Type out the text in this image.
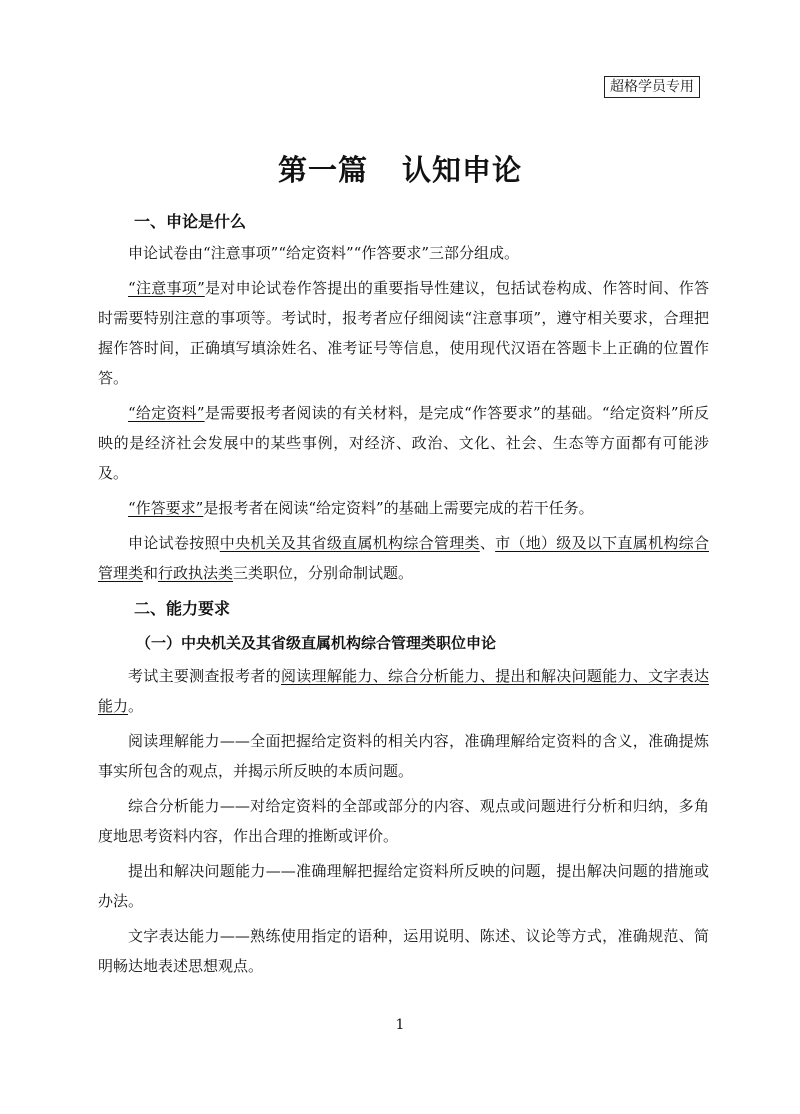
超格学员专用
第一篇 认知申论
一、申论是什么

申论试卷由“注意事项”“给定资料”“作答要求”三部分组成。

“注意事项”是对申论试卷作答提出的重要指导性建议，包括试卷构成、作答时间、作答时需要特别注意的事项等。考试时，报考者应仔细阅读“注意事项”，遵守相关要求，合理把握作答时间，正确填写填涂姓名、准考证号等信息，使用现代汉语在答题卡上正确的位置作答。

“给定资料”是需要报考者阅读的有关材料，是完成“作答要求”的基础。“给定资料”所反映的是经济社会发展中的某些事例，对经济、政治、文化、社会、生态等方面都有可能涉及。

“作答要求”是报考者在阅读“给定资料”的基础上需要完成的若干任务。

申论试卷按照中央机关及其省级直属机构综合管理类、市（地）级及以下直属机构综合管理类和行政执法类三类职位，分别命制试题。

二、能力要求
（一）中央机关及其省级直属机构综合管理类职位申论

考试主要测查报考者的阅读理解能力、综合分析能力、提出和解决问题能力、文字表达能力。

阅读理解能力——全面把握给定资料的相关内容，准确理解给定资料的含义，准确提炼事实所包含的观点，并揭示所反映的本质问题。

综合分析能力——对给定资料的全部或部分的内容、观点或问题进行分析和归纳，多角度地思考资料内容，作出合理的推断或评价。

提出和解决问题能力——准确理解把握给定资料所反映的问题，提出解决问题的措施或办法。

文字表达能力——熟练使用指定的语种，运用说明、陈述、议论等方式，准确规范、简明畅达地表述思想观点。

1
